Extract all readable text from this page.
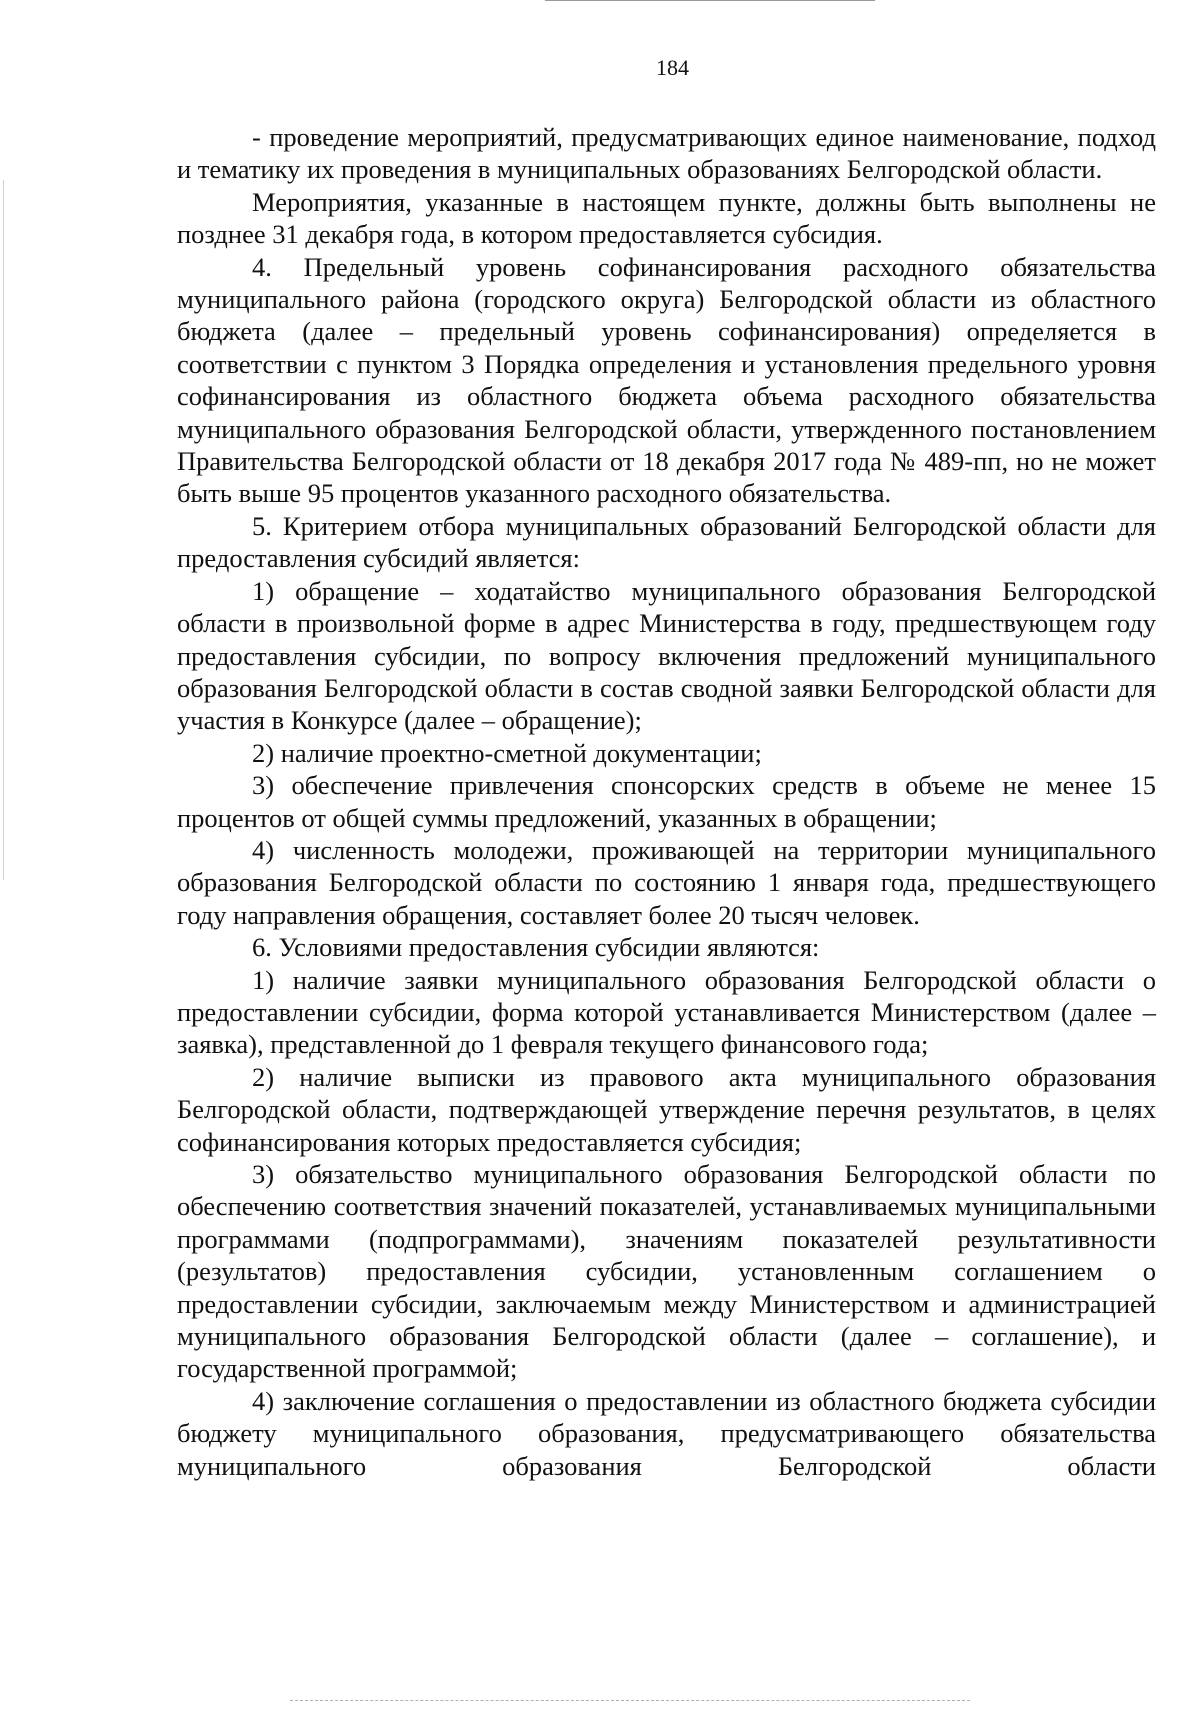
184

- проведение мероприятий, предусматривающих единое наименование, подход и тематику их проведения в муниципальных образованиях Белгородской области.

Мероприятия, указанные в настоящем пункте, должны быть выполнены не позднее 31 декабря года, в котором предоставляется субсидия.

4. Предельный уровень софинансирования расходного обязательства муниципального района (городского округа) Белгородской области из областного бюджета (далее – предельный уровень софинансирования) определяется в соответствии с пунктом 3 Порядка определения и установления предельного уровня софинансирования из областного бюджета объема расходного обязательства муниципального образования Белгородской области, утвержденного постановлением Правительства Белгородской области от 18 декабря 2017 года № 489-пп, но не может быть выше 95 процентов указанного расходного обязательства.

5. Критерием отбора муниципальных образований Белгородской области для предоставления субсидий является:

1) обращение – ходатайство муниципального образования Белгородской области в произвольной форме в адрес Министерства в году, предшествующем году предоставления субсидии, по вопросу включения предложений муниципального образования Белгородской области в состав сводной заявки Белгородской области для участия в Конкурсе (далее – обращение);

2) наличие проектно-сметной документации;

3) обеспечение привлечения спонсорских средств в объеме не менее 15 процентов от общей суммы предложений, указанных в обращении;

4) численность молодежи, проживающей на территории муниципального образования Белгородской области по состоянию 1 января года, предшествующего году направления обращения, составляет более 20 тысяч человек.

6. Условиями предоставления субсидии являются:

1) наличие заявки муниципального образования Белгородской области о предоставлении субсидии, форма которой устанавливается Министерством (далее – заявка), представленной до 1 февраля текущего финансового года;

2) наличие выписки из правового акта муниципального образования Белгородской области, подтверждающей утверждение перечня результатов, в целях софинансирования которых предоставляется субсидия;

3) обязательство муниципального образования Белгородской области по обеспечению соответствия значений показателей, устанавливаемых муниципальными программами (подпрограммами), значениям показателей результативности (результатов) предоставления субсидии, установленным соглашением о предоставлении субсидии, заключаемым между Министерством и администрацией муниципального образования Белгородской области (далее – соглашение), и государственной программой;

4) заключение соглашения о предоставлении из областного бюджета субсидии бюджету муниципального образования, предусматривающего обязательства муниципального образования Белгородской области
